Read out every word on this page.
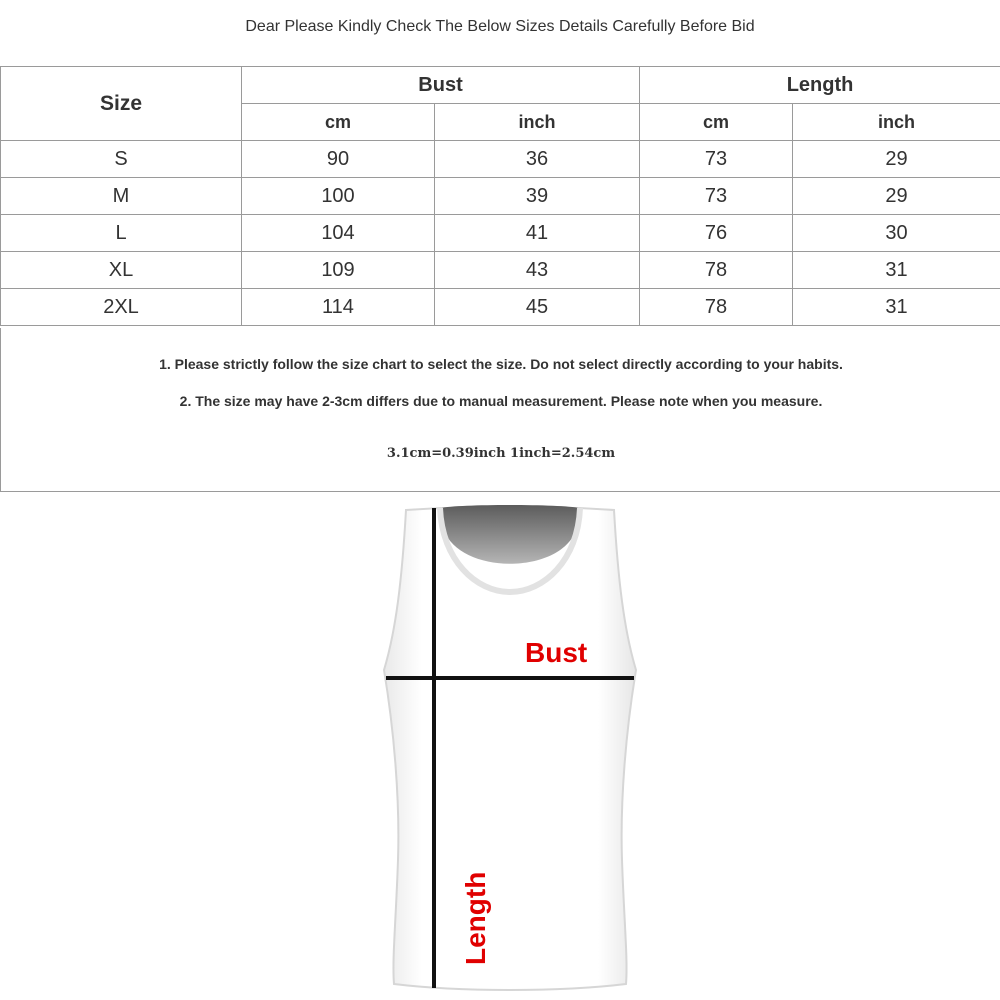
Dear Please Kindly Check The Below Sizes Details Carefully Before Bid
Size	Bust		Length	
	cm	inch	cm	inch
S	90	36	73	29
M	100	39	73	29
L	104	41	76	30
XL	109	43	78	31
2XL	114	45	78	31
1. Please strictly follow the size chart to select the size. Do not select directly according to your habits.
2. The size may have 2-3cm differs due to manual measurement. Please note when you measure.
3.1cm=0.39inch 1inch=2.54cm
Bust
Length
